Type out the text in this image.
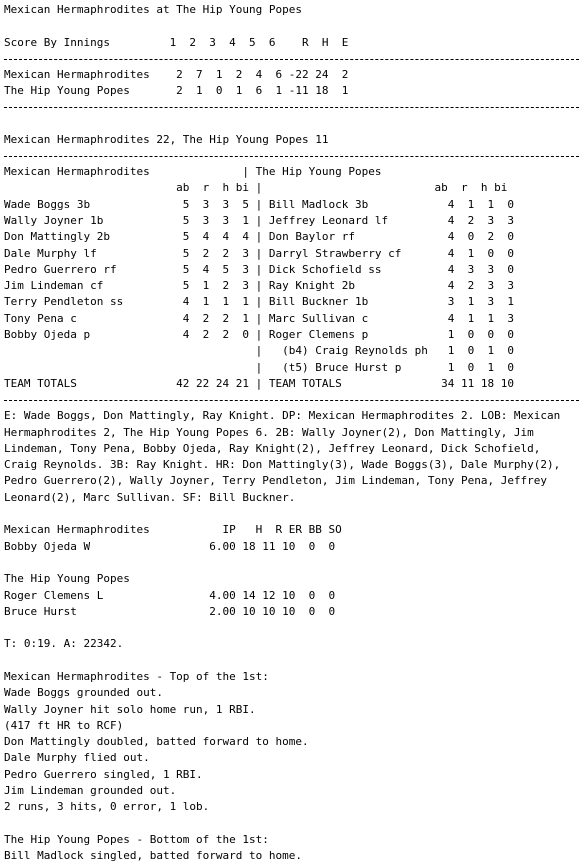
Mexican Hermaphrodites at The Hip Young Popes
Score By Innings         1  2  3  4  5  6    R  H  E
Mexican Hermaphrodites    2  7  1  2  4  6 -22 24  2
The Hip Young Popes       2  1  0  1  6  1 -11 18  1
Mexican Hermaphrodites 22, The Hip Young Popes 11
Mexican Hermaphrodites              | The Hip Young Popes
ab  r  h bi |                          ab  r  h bi
Wade Boggs 3b              5  3  3  5 | Bill Madlock 3b            4  1  1  0
Wally Joyner 1b            5  3  3  1 | Jeffrey Leonard lf         4  2  3  3
Don Mattingly 2b           5  4  4  4 | Don Baylor rf              4  0  2  0
Dale Murphy lf             5  2  2  3 | Darryl Strawberry cf       4  1  0  0
Pedro Guerrero rf          5  4  5  3 | Dick Schofield ss          4  3  3  0
Jim Lindeman cf            5  1  2  3 | Ray Knight 2b              4  2  3  3
Terry Pendleton ss         4  1  1  1 | Bill Buckner 1b            3  1  3  1
Tony Pena c                4  2  2  1 | Marc Sullivan c            4  1  1  3
Bobby Ojeda p              4  2  2  0 | Roger Clemens p            1  0  0  0
|   (b4) Craig Reynolds ph   1  0  1  0
|   (t5) Bruce Hurst p       1  0  1  0
TEAM TOTALS               42 22 24 21 | TEAM TOTALS               34 11 18 10
E: Wade Boggs, Don Mattingly, Ray Knight. DP: Mexican Hermaphrodites 2. LOB: Mexican
Hermaphrodites 2, The Hip Young Popes 6. 2B: Wally Joyner(2), Don Mattingly, Jim
Lindeman, Tony Pena, Bobby Ojeda, Ray Knight(2), Jeffrey Leonard, Dick Schofield,
Craig Reynolds. 3B: Ray Knight. HR: Don Mattingly(3), Wade Boggs(3), Dale Murphy(2),
Pedro Guerrero(2), Wally Joyner, Terry Pendleton, Jim Lindeman, Tony Pena, Jeffrey
Leonard(2), Marc Sullivan. SF: Bill Buckner.
Mexican Hermaphrodites           IP   H  R ER BB SO
Bobby Ojeda W                  6.00 18 11 10  0  0
The Hip Young Popes
Roger Clemens L                4.00 14 12 10  0  0
Bruce Hurst                    2.00 10 10 10  0  0
T: 0:19. A: 22342.
Mexican Hermaphrodites - Top of the 1st:
Wade Boggs grounded out.
Wally Joyner hit solo home run, 1 RBI.
(417 ft HR to RCF)
Don Mattingly doubled, batted forward to home.
Dale Murphy flied out.
Pedro Guerrero singled, 1 RBI.
Jim Lindeman grounded out.
2 runs, 3 hits, 0 error, 1 lob.
The Hip Young Popes - Bottom of the 1st:
Bill Madlock singled, batted forward to home.
